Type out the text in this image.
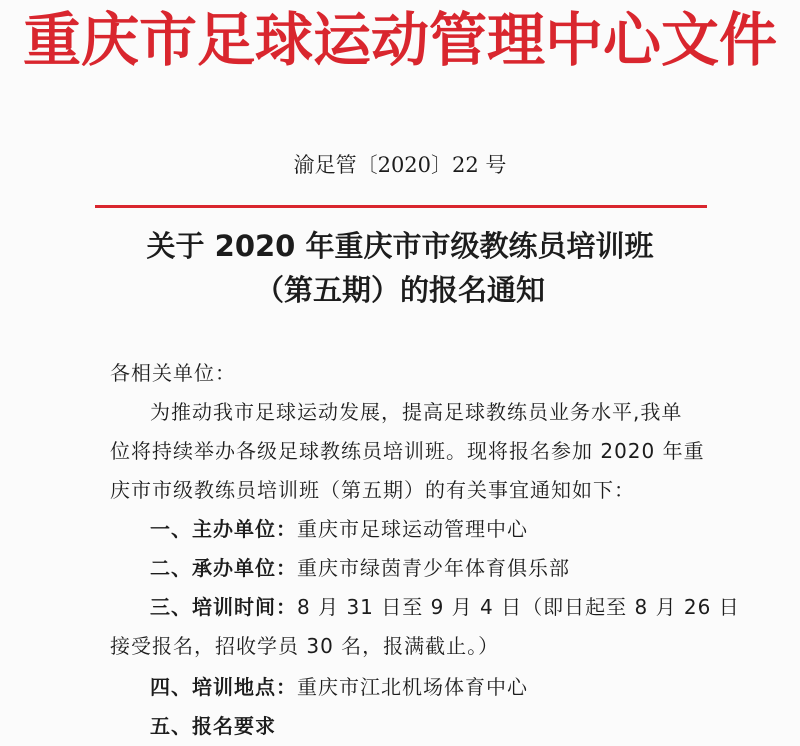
重庆市足球运动管理中心文件
渝足管〔2020〕22 号
关于 2020 年重庆市市级教练员培训班
（第五期）的报名通知
各相关单位：
为推动我市足球运动发展，提高足球教练员业务水平,我单
位将持续举办各级足球教练员培训班。现将报名参加 2020 年重
庆市市级教练员培训班（第五期）的有关事宜通知如下：
一、主办单位：重庆市足球运动管理中心
二、承办单位：重庆市绿茵青少年体育俱乐部
三、培训时间：8 月 31 日至 9 月 4 日（即日起至 8 月 26 日
接受报名，招收学员 30 名，报满截止。）
四、培训地点：重庆市江北机场体育中心
五、报名要求
